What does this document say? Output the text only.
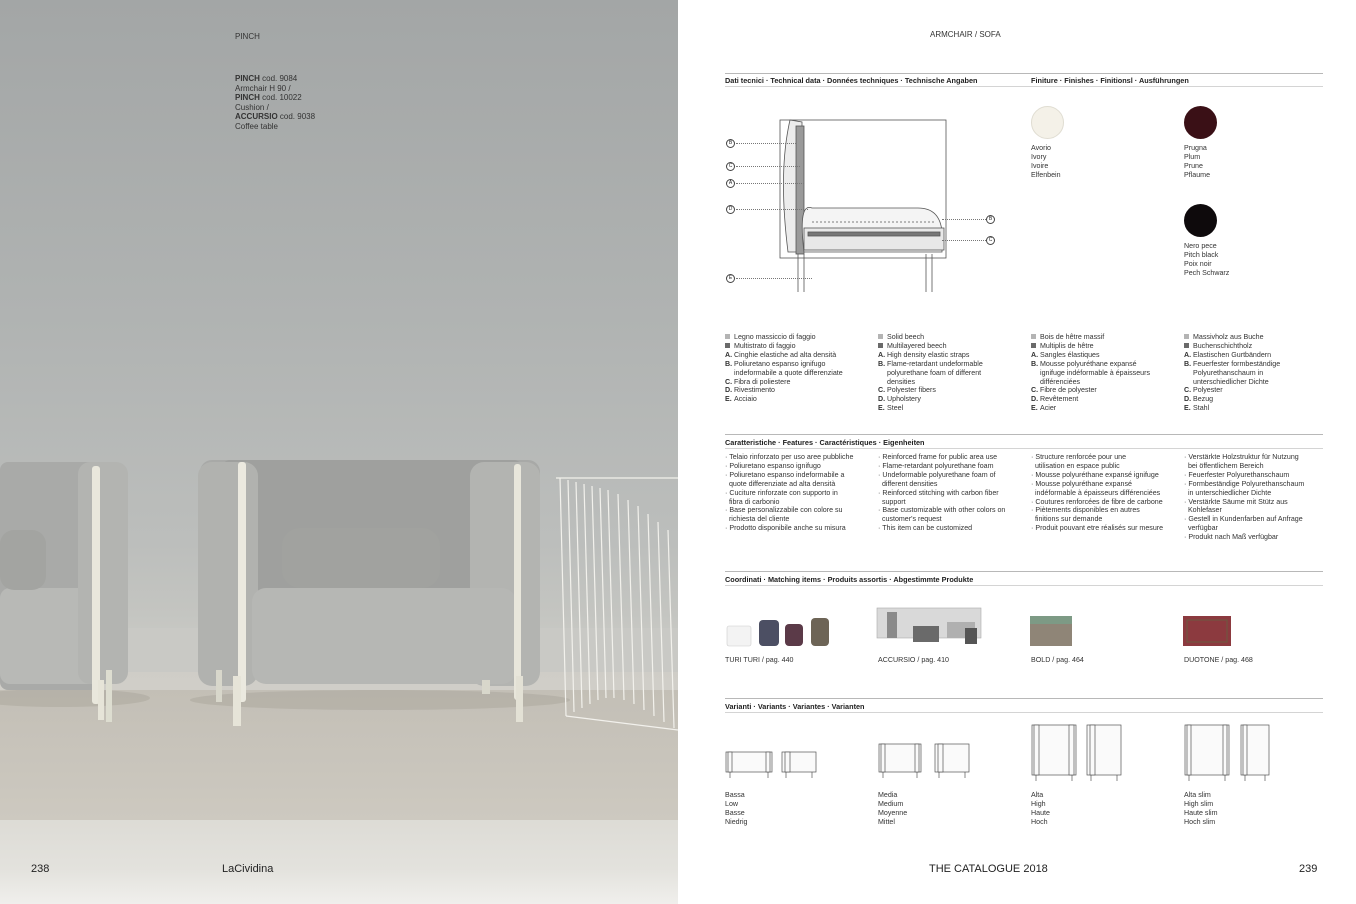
PINCH
PINCH cod. 9084
Armchair H 90 /
PINCH cod. 10022
Cushion /
ACCURSIO cod. 9038
Coffee table
238	LaCividina
ARMCHAIR / SOFA
Dati tecnici · Technical data · Données techniques · Technische Angaben	Finiture · Finishes · Finitionsl · Ausführungen
B
C
A
D
E
B
C
Avorio
Ivory
Ivoire
Elfenbein
Prugna
Plum
Prune
Pflaume
Nero pece
Pitch black
Poix noir
Pech Schwarz
Legno massiccio di faggio
Multistrato di faggio
A. Cinghie elastiche ad alta densità
B. Poliuretano espanso ignifugo
indeformabile a quote differenziate
C. Fibra di poliestere
D. Rivestimento
E. Acciaio
Solid beech
Multilayered beech
A. High density elastic straps
B. Flame-retardant undeformable
polyurethane foam of different
densities
C. Polyester fibers
D. Upholstery
E. Steel
Bois de hêtre massif
Multiplis de hêtre
A. Sangles élastiques
B. Mousse polyuréthane expansé
ignifuge indéformable à épaisseurs
différenciées
C. Fibre de polyester
D. Revêtement
E. Acier
Massivholz aus Buche
Buchenschichtholz
A. Elastischen Gurtbändern
B. Feuerfester formbeständige
Polyurethanschaum in
unterschiedlicher Dichte
C. Polyester
D. Bezug
E. Stahl
Caratteristiche · Features · Caractéristiques · Eigenheiten
· Telaio rinforzato per uso aree pubbliche
· Poliuretano espanso ignifugo
· Poliuretano espanso indeformabile a
quote differenziate ad alta densità
· Cuciture rinforzate con supporto in
fibra di carbonio
· Base personalizzabile con colore su
richiesta del cliente
· Prodotto disponibile anche su misura
· Reinforced frame for public area use
· Flame-retardant polyurethane foam
· Undeformable polyurethane foam of
different densities
· Reinforced stitching with carbon fiber
support
· Base customizable with other colors on
customer's request
· This item can be customized
· Structure renforcée pour une
utilisation en espace public
· Mousse polyuréthane expansé ignifuge
· Mousse polyuréthane expansé
indéformable à épaisseurs différenciées
· Coutures renforcées de fibre de carbone
· Piètements disponibles en autres
finitions sur demande
· Produit pouvant etre réalisés sur mesure
· Verstärkte Holzstruktur für Nutzung
bei öffentlichem Bereich
· Feuerfester Polyurethanschaum
· Formbeständige Polyurethanschaum
in unterschiedlicher Dichte
· Verstärkte Säume mit Stütz aus
Kohlefaser
· Gestell in Kundenfarben auf Anfrage
verfügbar
· Produkt nach Maß verfügbar
Coordinati · Matching items · Produits assortis · Abgestimmte Produkte
TURI TURI / pag. 440	ACCURSIO / pag. 410	BOLD / pag. 464	DUOTONE / pag. 468
Varianti · Variants · Variantes · Varianten
Bassa
Low
Basse
Niedrig
Media
Medium
Moyenne
Mittel
Alta
High
Haute
Hoch
Alta slim
High slim
Haute slim
Hoch slim
THE CATALOGUE 2018	239
